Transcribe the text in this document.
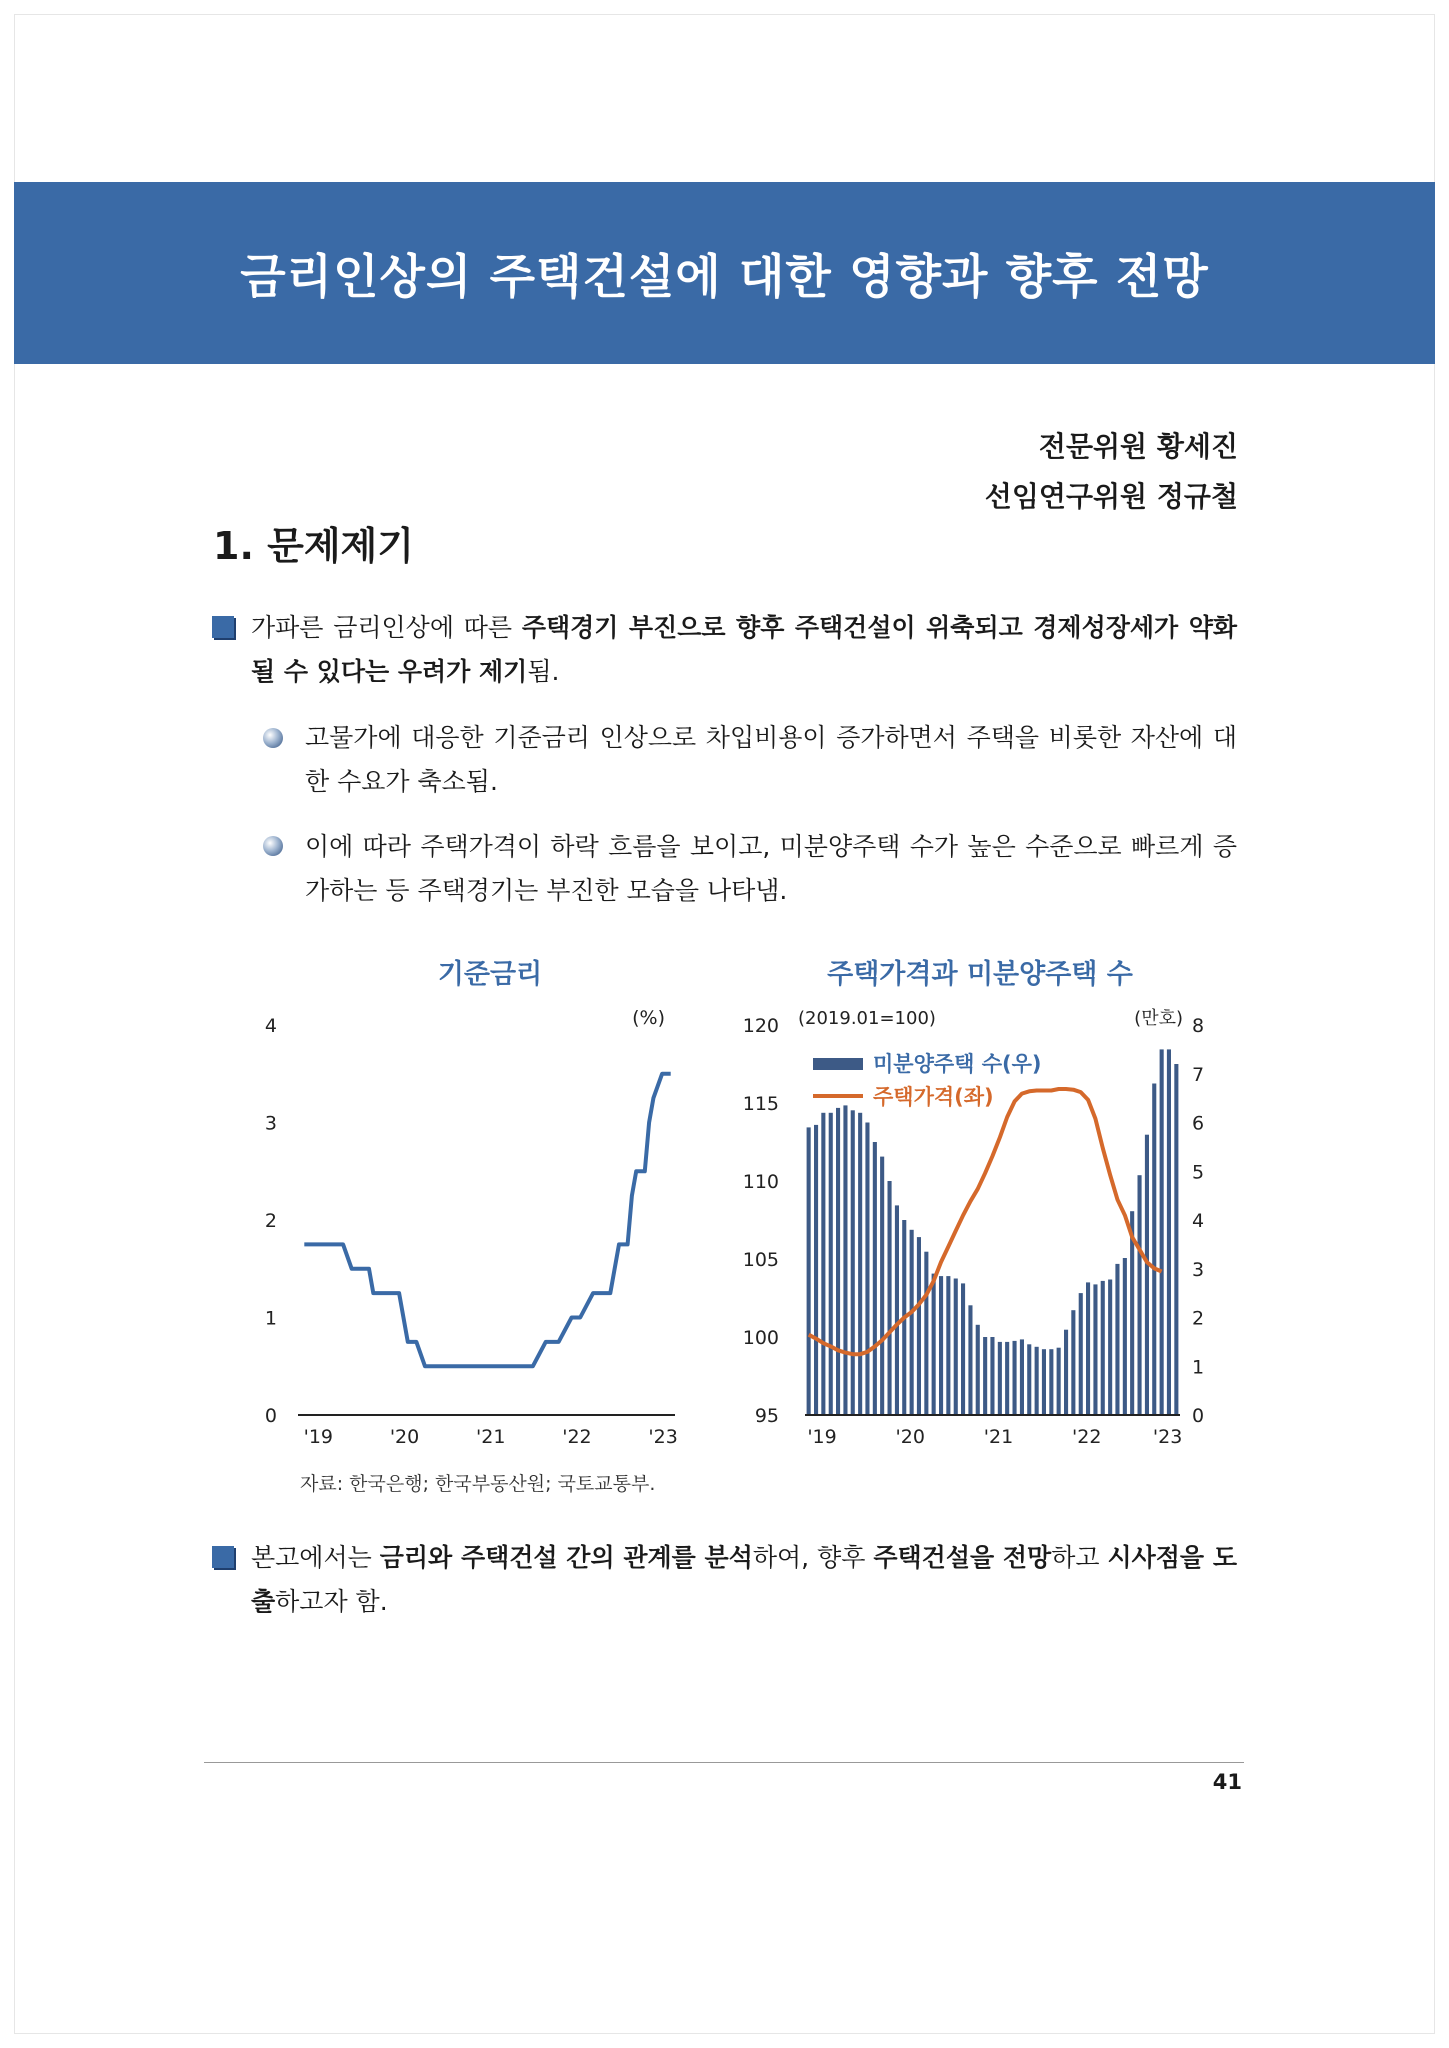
금리인상의 주택건설에 대한 영향과 향후 전망
전문위원 황세진
선임연구위원 정규철
1. 문제제기
가파른 금리인상에 따른 주택경기 부진으로 향후 주택건설이 위축되고 경제성장세가 약화될 수 있다는 우려가 제기됨.
고물가에 대응한 기준금리 인상으로 차입비용이 증가하면서 주택을 비롯한 자산에 대한 수요가 축소됨.
이에 따라 주택가격이 하락 흐름을 보이고, 미분양주택 수가 높은 수준으로 빠르게 증가하는 등 주택경기는 부진한 모습을 나타냄.
기준금리	주택가격과 미분양주택 수
(%)
0
1
2
3
4
'19	'20	'21	'22	'23
(2019.01=100)	(만호)
95
100
105
110
115
120
0
1
2
3
4
5
6
7
8
'19	'20	'21	'22	'23
미분양주택 수(우)
주택가격(좌)
자료: 한국은행; 한국부동산원; 국토교통부.
본고에서는 금리와 주택건설 간의 관계를 분석하여, 향후 주택건설을 전망하고 시사점을 도출하고자 함.
41
